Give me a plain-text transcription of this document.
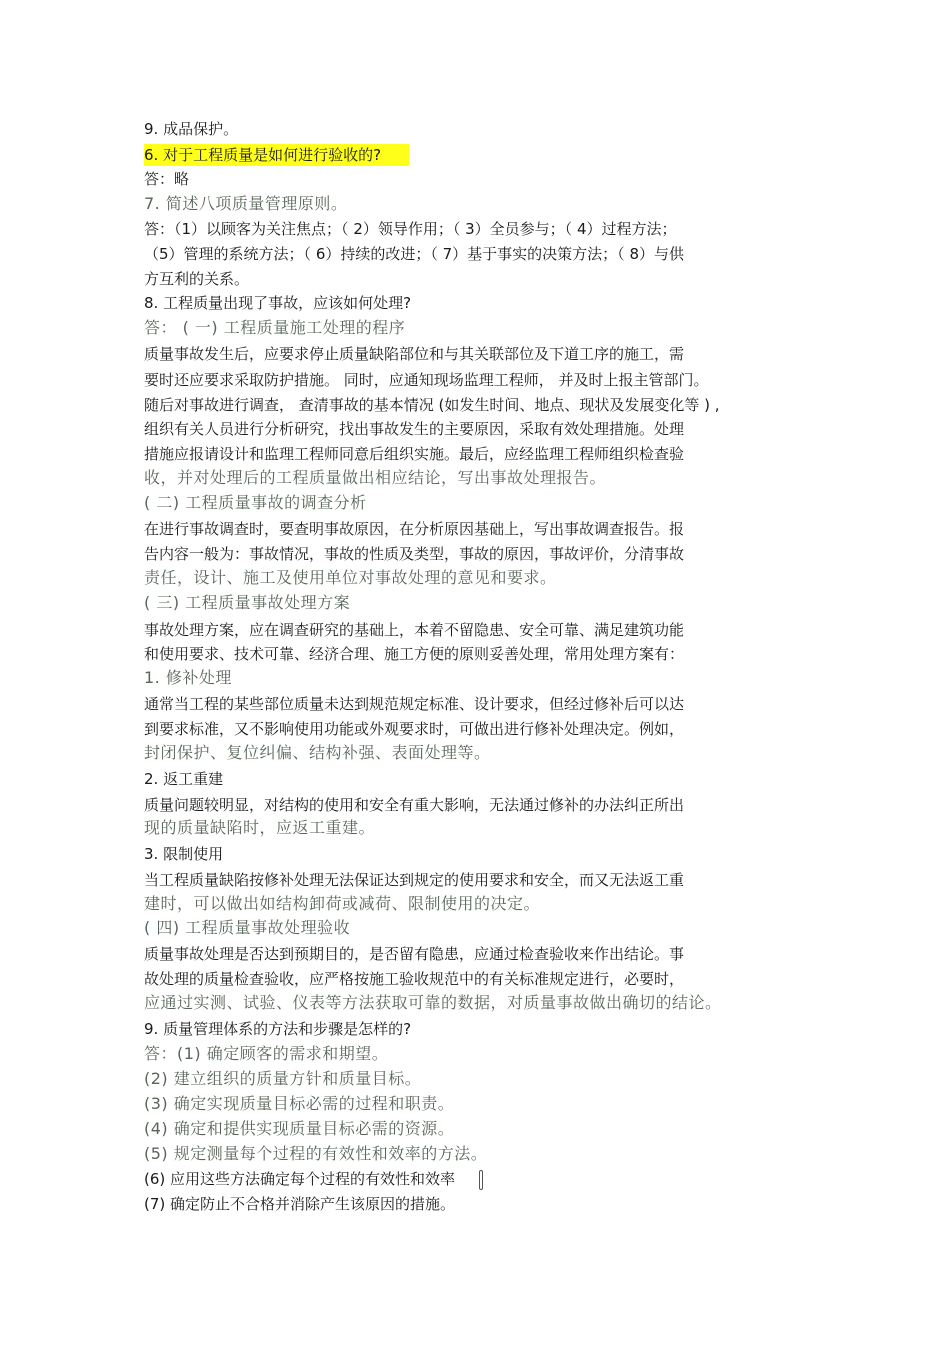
9. 成品保护。
6. 对于工程质量是如何进行验收的?
答：略
7. 简述八项质量管理原则。
答：（1）以顾客为关注焦点；（ 2）领导作用；（ 3）全员参与；（ 4）过程方法；
（5）管理的系统方法；（ 6）持续的改进；（ 7）基于事实的决策方法；（ 8）与供
方互利的关系。
8. 工程质量出现了事故，应该如何处理?
答： ( 一) 工程质量施工处理的程序
质量事故发生后，应要求停止质量缺陷部位和与其关联部位及下道工序的施工，需
要时还应要求采取防护措施。 同时，应通知现场监理工程师， 并及时上报主管部门。
随后对事故进行调查， 查清事故的基本情况 (如发生时间、地点、现状及发展变化等 ) ,
组织有关人员进行分析研究，找出事故发生的主要原因，采取有效处理措施。处理
措施应报请设计和监理工程师同意后组织实施。最后，应经监理工程师组织检查验
收，并对处理后的工程质量做出相应结论，写出事故处理报告。
( 二) 工程质量事故的调查分析
在进行事故调查时，要查明事故原因，在分析原因基础上，写出事故调查报告。报
告内容一般为：事故情况，事故的性质及类型，事故的原因，事故评价，分清事故
责任，设计、施工及使用单位对事故处理的意见和要求。
( 三) 工程质量事故处理方案
事故处理方案，应在调查研究的基础上，本着不留隐患、安全可靠、满足建筑功能
和使用要求、技术可靠、经济合理、施工方便的原则妥善处理，常用处理方案有：
1. 修补处理
通常当工程的某些部位质量未达到规范规定标准、设计要求，但经过修补后可以达
到要求标准，又不影响使用功能或外观要求时，可做出进行修补处理决定。例如，
封闭保护、复位纠偏、结构补强、表面处理等。
2. 返工重建
质量问题较明显，对结构的使用和安全有重大影响，无法通过修补的办法纠正所出
现的质量缺陷时，应返工重建。
3. 限制使用
当工程质量缺陷按修补处理无法保证达到规定的使用要求和安全，而又无法返工重
建时，可以做出如结构卸荷或减荷、限制使用的决定。
( 四) 工程质量事故处理验收
质量事故处理是否达到预期目的，是否留有隐患，应通过检查验收来作出结论。事
故处理的质量检查验收，应严格按施工验收规范中的有关标准规定进行，必要时，
应通过实测、试验、仪表等方法获取可靠的数据，对质量事故做出确切的结论。
9. 质量管理体系的方法和步骤是怎样的?
答：(1) 确定顾客的需求和期望。
(2) 建立组织的质量方针和质量目标。
(3) 确定实现质量目标必需的过程和职责。
(4) 确定和提供实现质量目标必需的资源。
(5) 规定测量每个过程的有效性和效率的方法。
(6) 应用这些方法确定每个过程的有效性和效率
(7) 确定防止不合格并消除产生该原因的措施。
